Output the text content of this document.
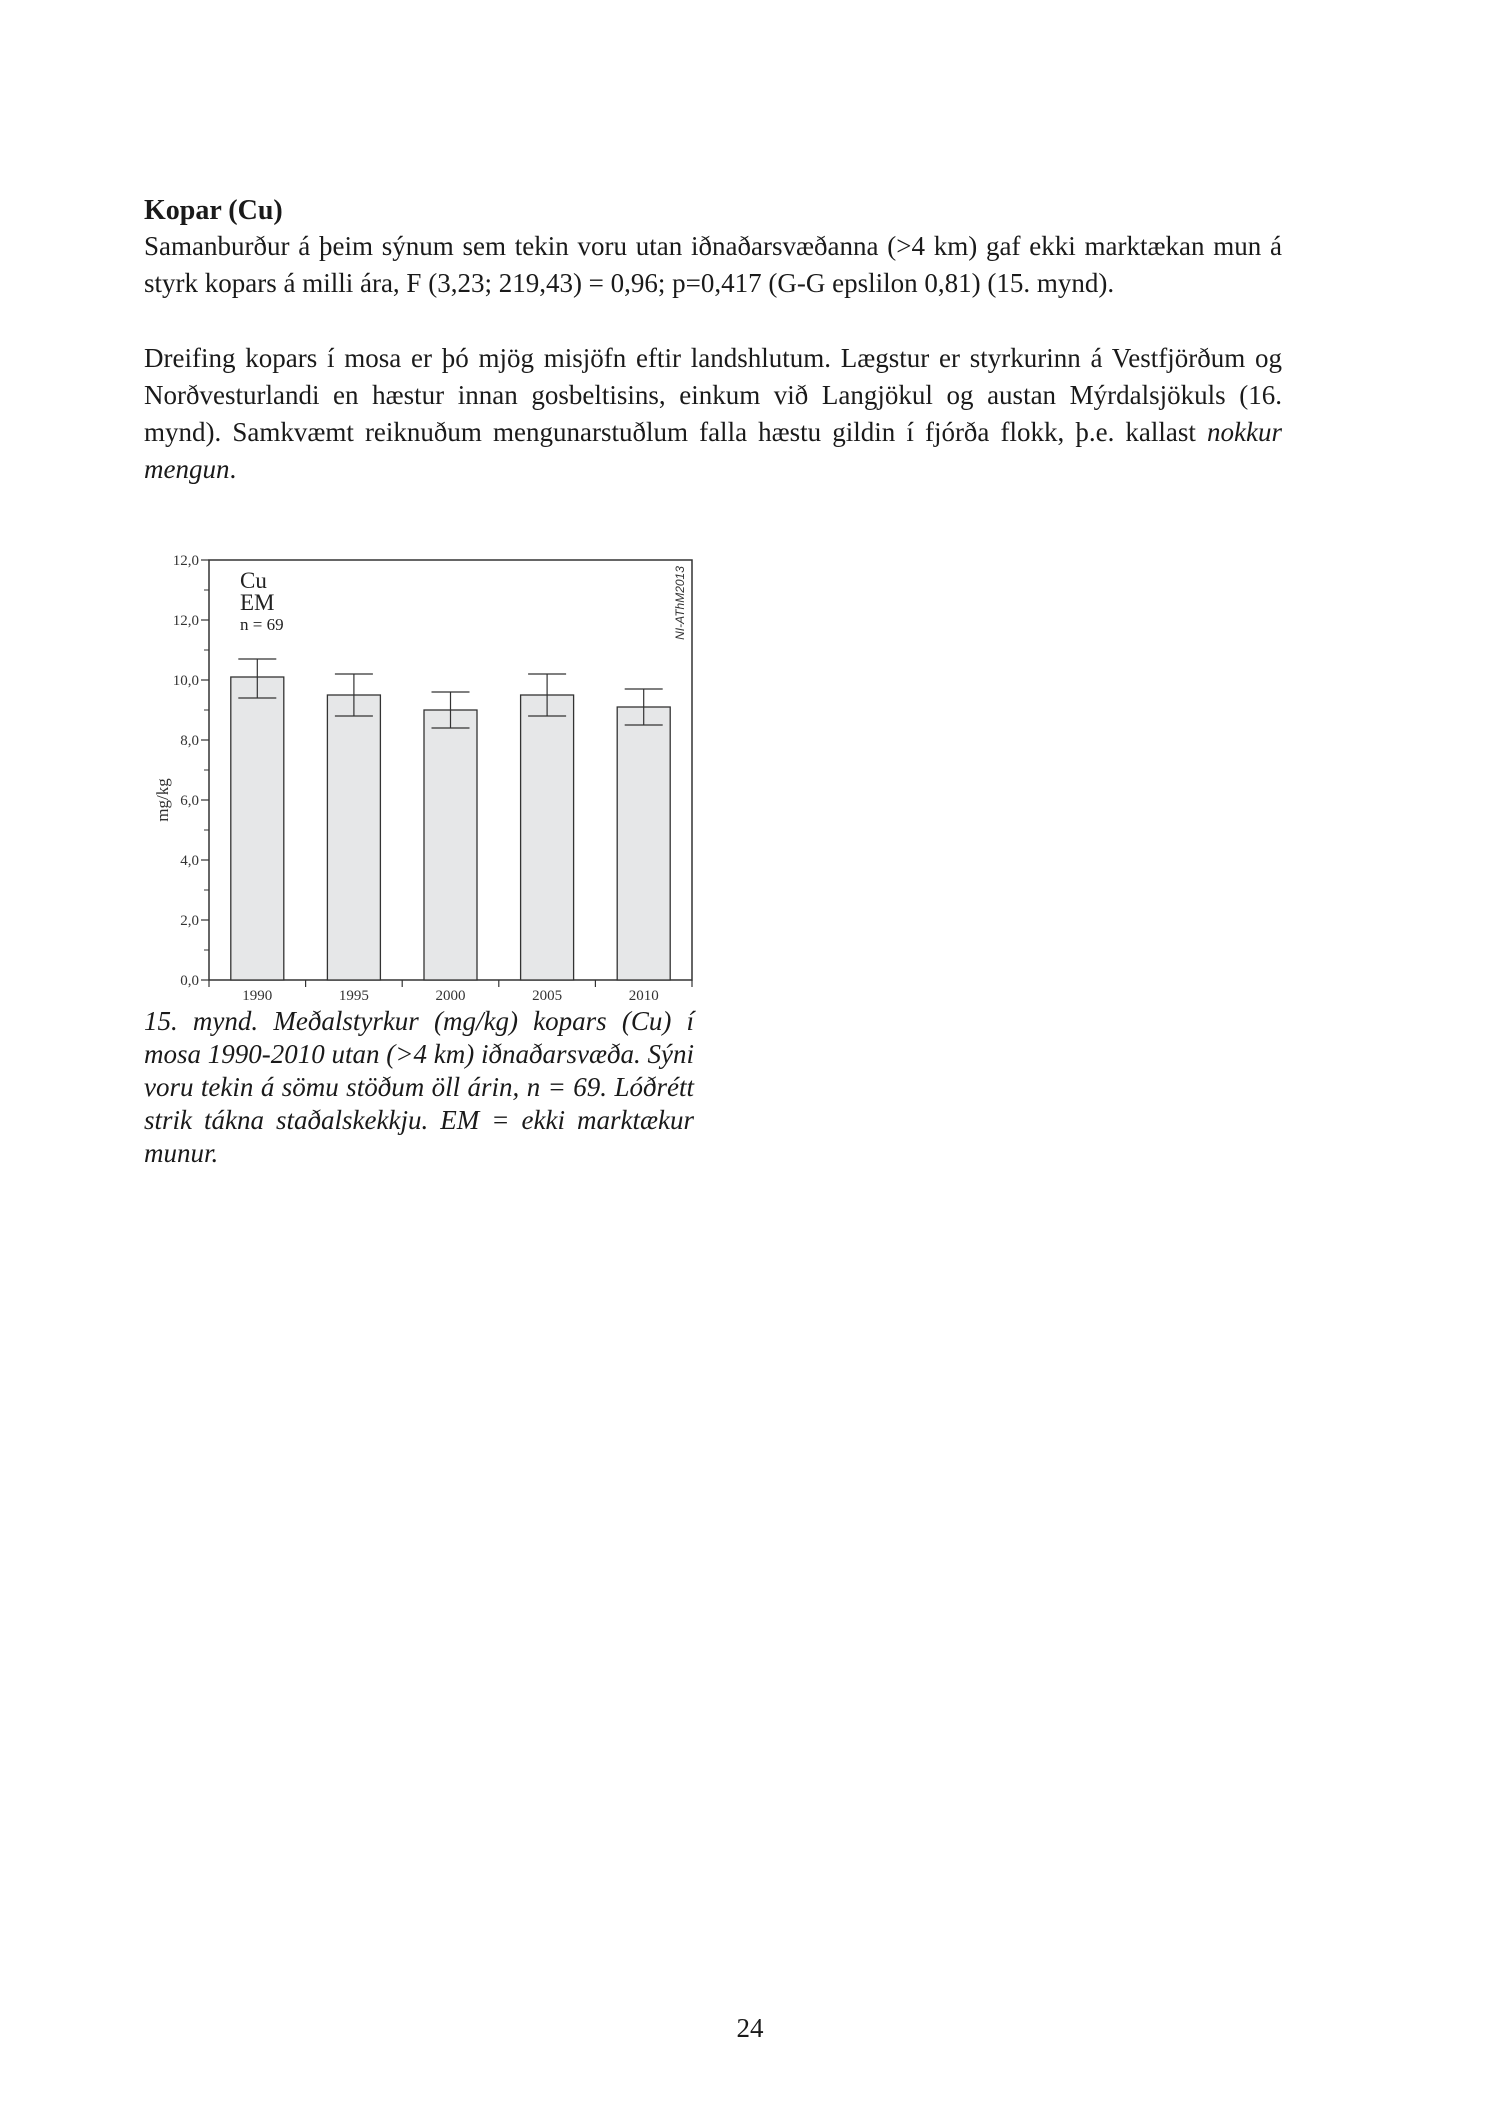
Kopar (Cu)

Samanburður á þeim sýnum sem tekin voru utan iðnaðarsvæðanna (>4 km) gaf ekki marktækan mun á styrk kopars á milli ára, F (3,23; 219,43) = 0,96; p=0,417 (G-G epslilon 0,81) (15. mynd).

Dreifing kopars í mosa er þó mjög misjöfn eftir landshlutum. Lægstur er styrkurinn á Vestfjörðum og Norðvesturlandi en hæstur innan gosbeltisins, einkum við Langjökul og austan Mýrdalsjökuls (16. mynd). Samkvæmt reiknuðum mengunarstuðlum falla hæstu gildin í fjórða flokk, þ.e. kallast nokkur mengun.

0,0
2,0
4,0
6,0
8,0
10,0
12,0
12,0
1990	1995	2000	2005	2010
mg/kg
Cu
EM
n = 69	NI-AThM2013

15. mynd. Meðalstyrkur (mg/kg) kopars (Cu) í mosa 1990-2010 utan (>4 km) iðnaðarsvæða. Sýni voru tekin á sömu stöðum öll árin, n = 69. Lóðrétt strik tákna staðalskekkju. EM = ekki marktækur munur.

24
